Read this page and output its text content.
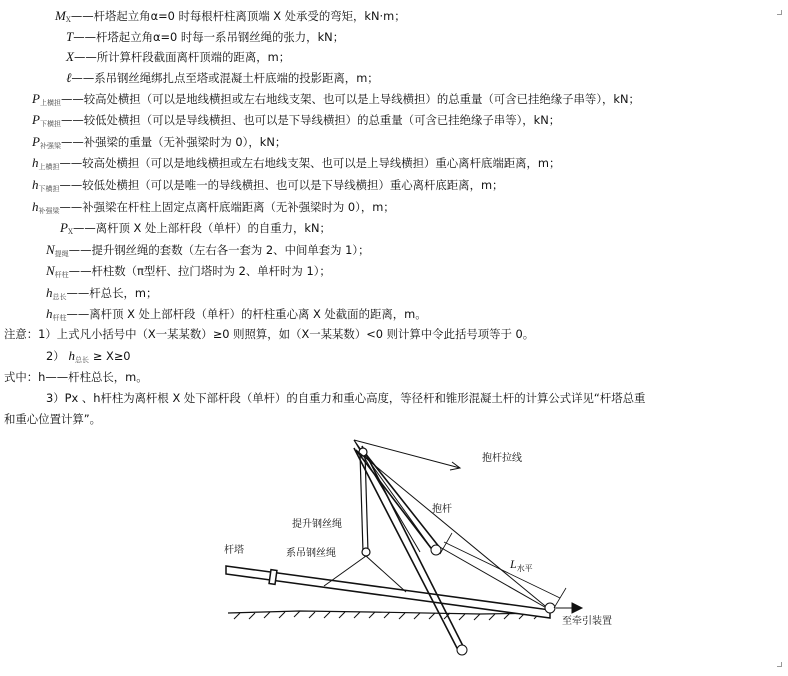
$M_X——$杆塔起立角α=0 时每根杆柱离顶端 X 处承受的弯矩，kN·m；
T——杆塔起立角α=0 时每一系吊钢丝绳的张力，kN；
X——所计算杆段截面离杆顶端的距离，m；
ℓ——系吊钢丝绳绑扎点至塔或混凝土杆底端的投影距离，m；
$P_{上横担}——$较高处横担（可以是地线横担或左右地线支架、也可以是上导线横担）的总重量（可含已挂绝缘子串等），kN；
$P_{下横担}——$较低处横担（可以是导线横担、也可以是下导线横担）的总重量（可含已挂绝缘子串等），kN；
$P_{补强梁}——$补强梁的重量（无补强梁时为 0），kN；
$h_{上横担}——$较高处横担（可以是地线横担或左右地线支架、也可以是上导线横担）重心离杆底端距离，m；
$h_{下横担}——$较低处横担（可以是唯一的导线横担、也可以是下导线横担）重心离杆底距离，m；
$h_{补强梁}——$补强梁在杆柱上固定点离杆底端距离（无补强梁时为 0），m；
$P_X——$离杆顶 X 处上部杆段（单杆）的自重力，kN；
$N_{提绳}——$提升钢丝绳的套数（左右各一套为 2、中间单套为 1）；
$N_{杆柱}——$杆柱数（π型杆、拉门塔时为 2、单杆时为 1）；
$h_{总长}——$杆总长，m；
$h_{杆柱}——$离杆顶 X 处上部杆段（单杆）的杆柱重心离 X 处截面的距离，m。
注意：1）上式凡小括号中（X一某某数）≥0 则照算，如（X一某某数）<0 则计算中令此括号项等于 0。
2） $h_{总长} \ge X\ge 0$
式中：h——杆柱总长，m。
3）Px 、h杆柱为离杆根 X 处下部杆段（单杆）的自重力和重心高度，等径杆和锥形混凝土杆的计算公式详见“杆塔总重
和重心位置计算”。
抱杆拉线
抱杆
提升钢丝绳
杆塔	系吊钢丝绳
$L_{水平}$
至牵引装置
